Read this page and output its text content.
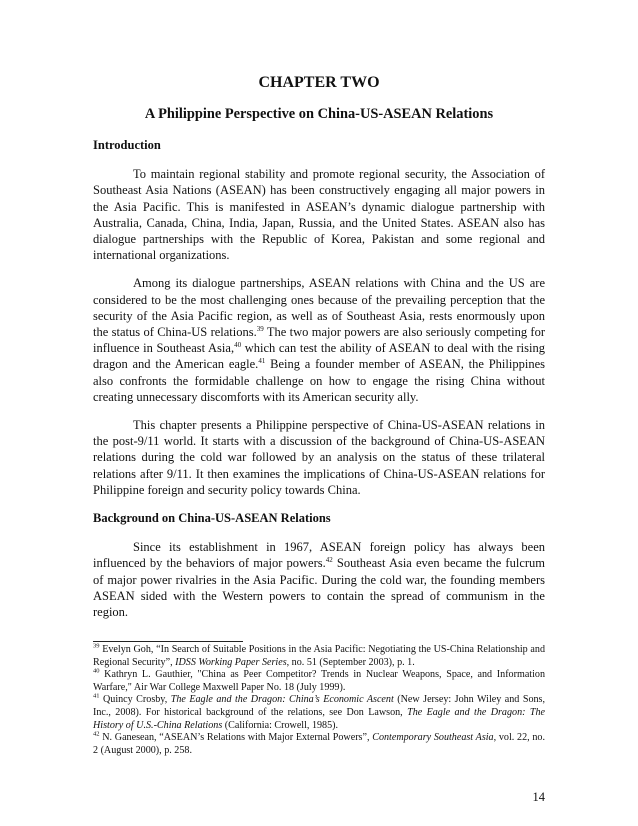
CHAPTER TWO
A Philippine Perspective on China-US-ASEAN Relations
Introduction

To maintain regional stability and promote regional security, the Association of Southeast Asia Nations (ASEAN) has been constructively engaging all major powers in the Asia Pacific. This is manifested in ASEAN’s dynamic dialogue partnership with Australia, Canada, China, India, Japan, Russia, and the United States. ASEAN also has dialogue partnerships with the Republic of Korea, Pakistan and some regional and international organizations.

Among its dialogue partnerships, ASEAN relations with China and the US are considered to be the most challenging ones because of the prevailing perception that the security of the Asia Pacific region, as well as of Southeast Asia, rests enormously upon the status of China-US relations.$^{39}$ The two major powers are also seriously competing for influence in Southeast Asia,$^{40}$ which can test the ability of ASEAN to deal with the rising dragon and the American eagle.$^{41}$ Being a founder member of ASEAN, the Philippines also confronts the formidable challenge on how to engage the rising China without creating unnecessary discomforts with its American security ally.

This chapter presents a Philippine perspective of China-US-ASEAN relations in the post-9/11 world. It starts with a discussion of the background of China-US-ASEAN relations during the cold war followed by an analysis on the status of these trilateral relations after 9/11. It then examines the implications of China-US-ASEAN relations for Philippine foreign and security policy towards China.

Background on China-US-ASEAN Relations

Since its establishment in 1967, ASEAN foreign policy has always been influenced by the behaviors of major powers.$^{42}$ Southeast Asia even became the fulcrum of major power rivalries in the Asia Pacific. During the cold war, the founding members ASEAN sided with the Western powers to contain the spread of communism in the region.

$^{39}$ Evelyn Goh, “In Search of Suitable Positions in the Asia Pacific: Negotiating the US-China Relationship and Regional Security”, IDSS Working Paper Series, no. 51 (September 2003), p. 1.

$^{40}$ Kathryn L. Gauthier, "China as Peer Competitor? Trends in Nuclear Weapons, Space, and Information Warfare," Air War College Maxwell Paper No. 18 (July 1999).

$^{41}$ Quincy Crosby, The Eagle and the Dragon: China’s Economic Ascent (New Jersey: John Wiley and Sons, Inc., 2008). For historical background of the relations, see Don Lawson, The Eagle and the Dragon: The History of U.S.-China Relations (California: Crowell, 1985).

$^{42}$ N. Ganesean, “ASEAN’s Relations with Major External Powers”, Contemporary Southeast Asia, vol. 22, no. 2 (August 2000), p. 258.

14
